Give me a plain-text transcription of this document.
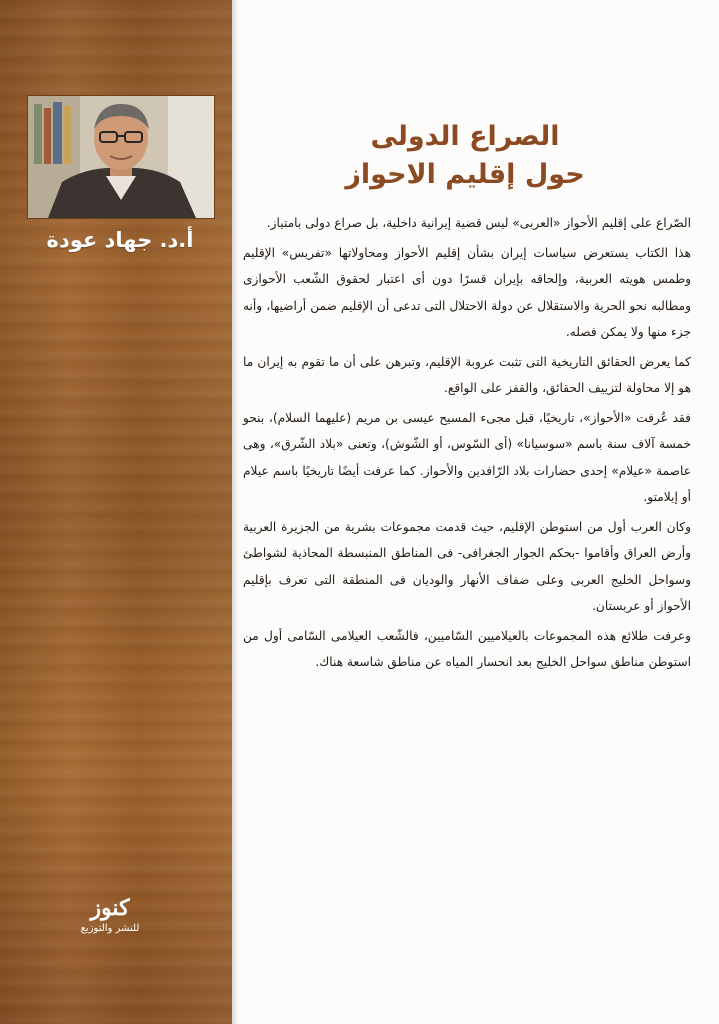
أ.د. جهاد عودة
كنوز
للنشر والتوزيع
الصراع الدولى
حول إقليم الاحواز

الصّراع على إقليم الأحواز «العربى» ليس قضية إيرانية داخلية، بل صراع دولى بامتياز.

هذا الكتاب يستعرض سياسات إيران بشأن إقليم الأحواز ومحاولاتها «تفريس» الإقليم وطمس هويته العربية، وإلحاقه بإيران قسرًا دون أى اعتبار لحقوق الشّعب الأحوازى ومطالبه نحو الحرية والاستقلال عن دولة الاحتلال التى تدعى أن الإقليم ضمن أراضيها، وأنه جزء منها ولا يمكن فصله.

كما يعرض الحقائق التاريخية التى تثبت عروبة الإقليم، وتبرهن على أن ما تقوم به إيران ما هو إلا محاولة لتزييف الحقائق، والقفز على الواقع.

فقد عُرفت «الأحواز»، تاريخيًا، قبل مجىء المسيح عيسى بن مريم (عليهما السلام)، بنحو خمسة آلاف سنة باسم «سوسيانا» (أى السّوس، أو الشّوش)، وتعنى «بلاد الشّرق»، وهى عاصمة «عيلام» إحدى حضارات بلاد الرّافدين والأحواز. كما عرفت أيضًا تاريخيًا باسم عيلام أو إيلامتو.

وكان العرب أول من استوطن الإقليم، حيث قدمت مجموعات بشرية من الجزيرة العربية وأرض العراق وأقاموا -بحكم الجوار الجغرافى- فى المناطق المنبسطة المحاذية لشواطئ وسواحل الخليج العربى وعلى ضفاف الأنهار والوديان فى المنطقة التى تعرف بإقليم الأحواز أو عربستان.

وعرفت طلائع هذه المجموعات بالعيلاميين السّاميين، فالشّعب العيلامى السّامى أول من استوطن مناطق سواحل الخليج بعد انحسار المياه عن مناطق شاسعة هناك.
